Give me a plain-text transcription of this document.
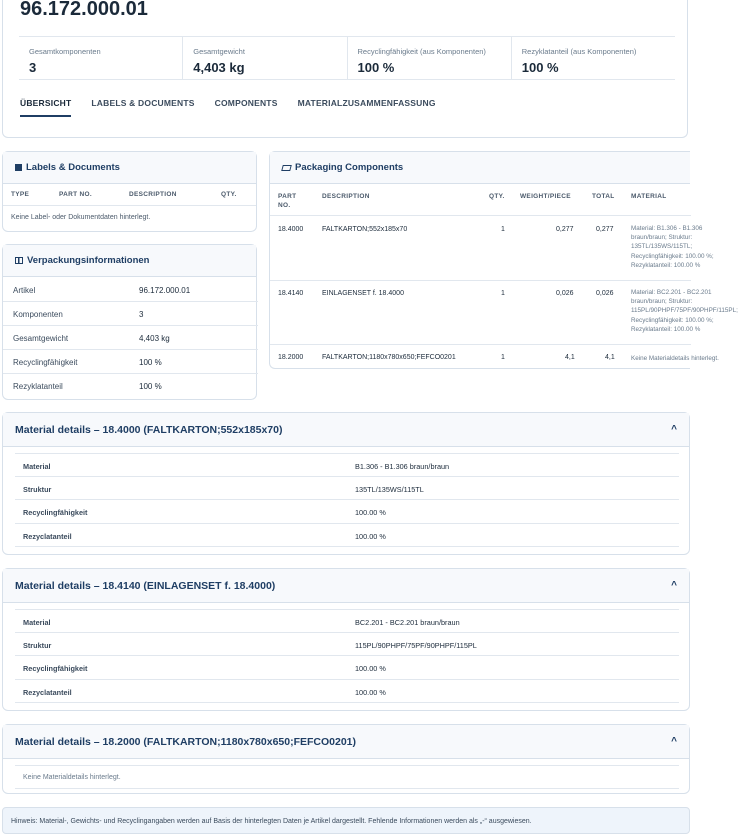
96.172.000.01
Gesamtkomponenten
3
Gesamtgewicht
4,403 kg
Recyclingfähigkeit (aus Komponenten)
100 %
Rezyklatanteil (aus Komponenten)
100 %
ÜBERSICHT LABELS & DOCUMENTS COMPONENTS MATERIALZUSAMMENFASSUNG
Labels & Documents
TYPE	PART NO.	DESCRIPTION	QTY.
Keine Label- oder Dokumentdaten hinterlegt.
Verpackungsinformationen
Artikel	96.172.000.01
Komponenten	3
Gesamtgewicht	4,403 kg
Recyclingfähigkeit	100 %
Rezyklatanteil	100 %
Packaging Components
PART NO.
DESCRIPTION	QTY. WEIGHT/PIECE	TOTAL	MATERIAL
18.4000	FALTKARTON;552x185x70	1	0,277	0,277	Material: B1.306 - B1.306
braun/braun; Struktur:
135TL/135WS/115TL;
Recyclingfähigkeit: 100.00 %;
Rezyklatanteil: 100.00 %
18.4140	EINLAGENSET f. 18.4000	1	0,026	0,026	Material: BC2.201 - BC2.201
braun/braun; Struktur:
115PL/90PHPF/75PF/90PHPF/115PL;
Recyclingfähigkeit: 100.00 %;
Rezyklatanteil: 100.00 %
18.2000	FALTKARTON;1180x780x650;FEFCO0201	1	4,1	4,1	Keine Materialdetails hinterlegt.
Material details – 18.4000 (FALTKARTON;552x185x70)	^
Material	B1.306 - B1.306 braun/braun
Struktur	135TL/135WS/115TL
Recyclingfähigkeit	100.00 %
Rezyclatanteil	100.00 %
Material details – 18.4140 (EINLAGENSET f. 18.4000)	^
Material	BC2.201 - BC2.201 braun/braun
Struktur	115PL/90PHPF/75PF/90PHPF/115PL
Recyclingfähigkeit	100.00 %
Rezyclatanteil	100.00 %
Material details – 18.2000 (FALTKARTON;1180x780x650;FEFCO0201)	^
Keine Materialdetails hinterlegt.
Hinweis: Material-, Gewichts- und Recyclingangaben werden auf Basis der hinterlegten Daten je Artikel dargestellt. Fehlende Informationen werden als „-“ ausgewiesen.
